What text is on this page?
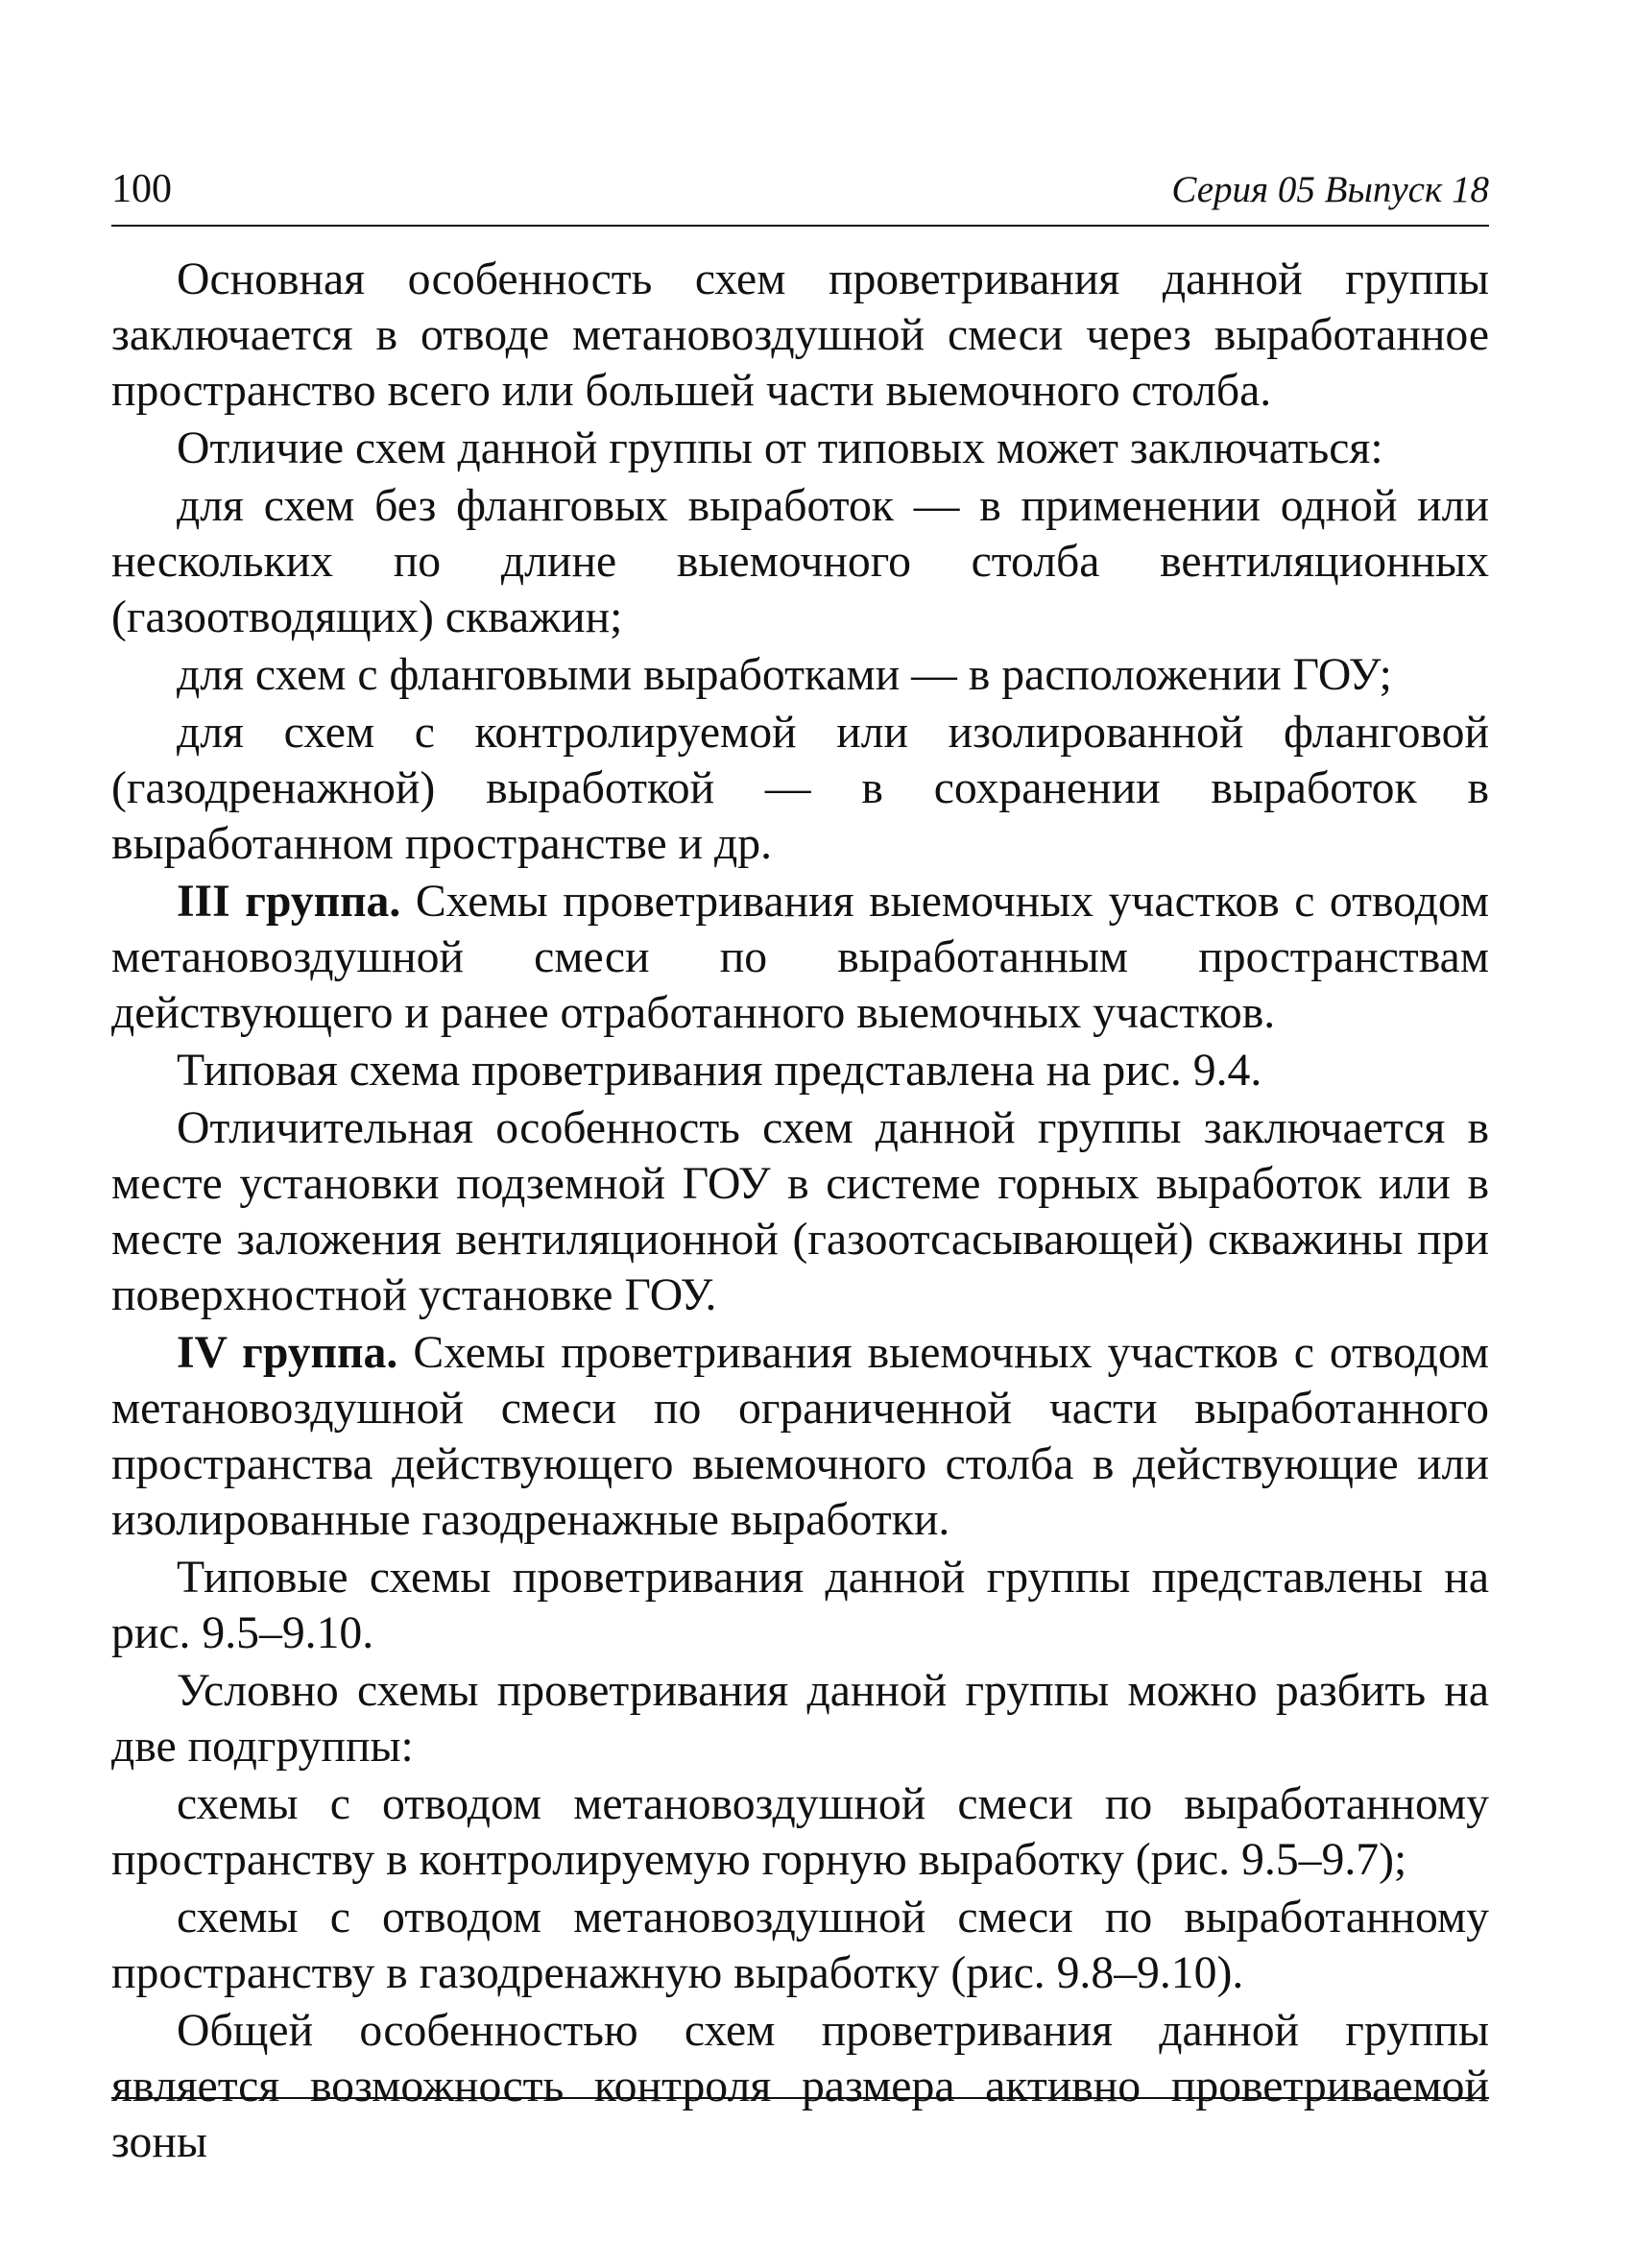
100	Серия 05 Выпуск 18

Основная особенность схем проветривания данной группы заключается в отводе метановоздушной смеси через выработанное пространство всего или большей части выемочного столба.

Отличие схем данной группы от типовых может заключаться:

для схем без фланговых выработок — в применении одной или нескольких по длине выемочного столба вентиляционных (газоотводящих) скважин;

для схем с фланговыми выработками — в расположении ГОУ;

для схем с контролируемой или изолированной фланговой (газодренажной) выработкой — в сохранении выработок в выработанном пространстве и др.

III группа. Схемы проветривания выемочных участков с отводом метановоздушной смеси по выработанным пространствам действующего и ранее отработанного выемочных участков.

Типовая схема проветривания представлена на рис. 9.4.

Отличительная особенность схем данной группы заключается в месте установки подземной ГОУ в системе горных выработок или в месте заложения вентиляционной (газоотсасывающей) скважины при поверхностной установке ГОУ.

IV группа. Схемы проветривания выемочных участков с отводом метановоздушной смеси по ограниченной части выработанного пространства действующего выемочного столба в действующие или изолированные газодренажные выработки.

Типовые схемы проветривания данной группы представлены на рис. 9.5–9.10.

Условно схемы проветривания данной группы можно разбить на две подгруппы:

схемы с отводом метановоздушной смеси по выработанному пространству в контролируемую горную выработку (рис. 9.5–9.7);

схемы с отводом метановоздушной смеси по выработанному пространству в газодренажную выработку (рис. 9.8–9.10).

Общей особенностью схем проветривания данной группы является возможность контроля размера активно проветриваемой зоны
